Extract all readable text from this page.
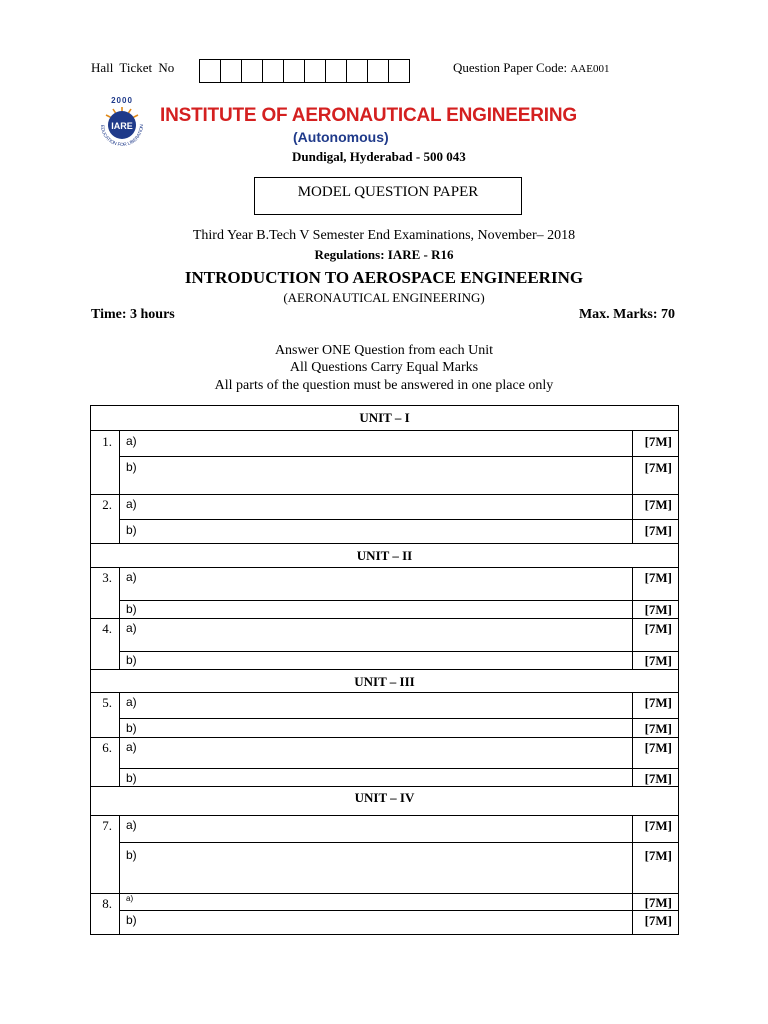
Hall Ticket No	Question Paper Code: AAE001
2000
IARE
EDUCATION FOR LIBERATION INSTITUTE OF AERONAUTICAL ENGINEERING
(Autonomous)
Dundigal, Hyderabad - 500 043
MODEL QUESTION PAPER
Third Year B.Tech V Semester End Examinations, November– 2018
Regulations: IARE - R16
INTRODUCTION TO AEROSPACE ENGINEERING
(AERONAUTICAL ENGINEERING)
Time: 3 hours	Max. Marks: 70
Answer ONE Question from each Unit
All Questions Carry Equal Marks
All parts of the question must be answered in one place only
UNIT – I
1. a)	[7M]
b)	[7M]
2. a)	[7M]
b)	[7M]
UNIT – II
3. a)	[7M]
b)	[7M]
4. a)	[7M]
b)	[7M]
UNIT – III
5. a)	[7M]
b)	[7M]
6. a)	[7M]
b)	[7M]
UNIT – IV
7. a)	[7M]
b)	[7M]
8. a)	[7M]
b)	[7M]
